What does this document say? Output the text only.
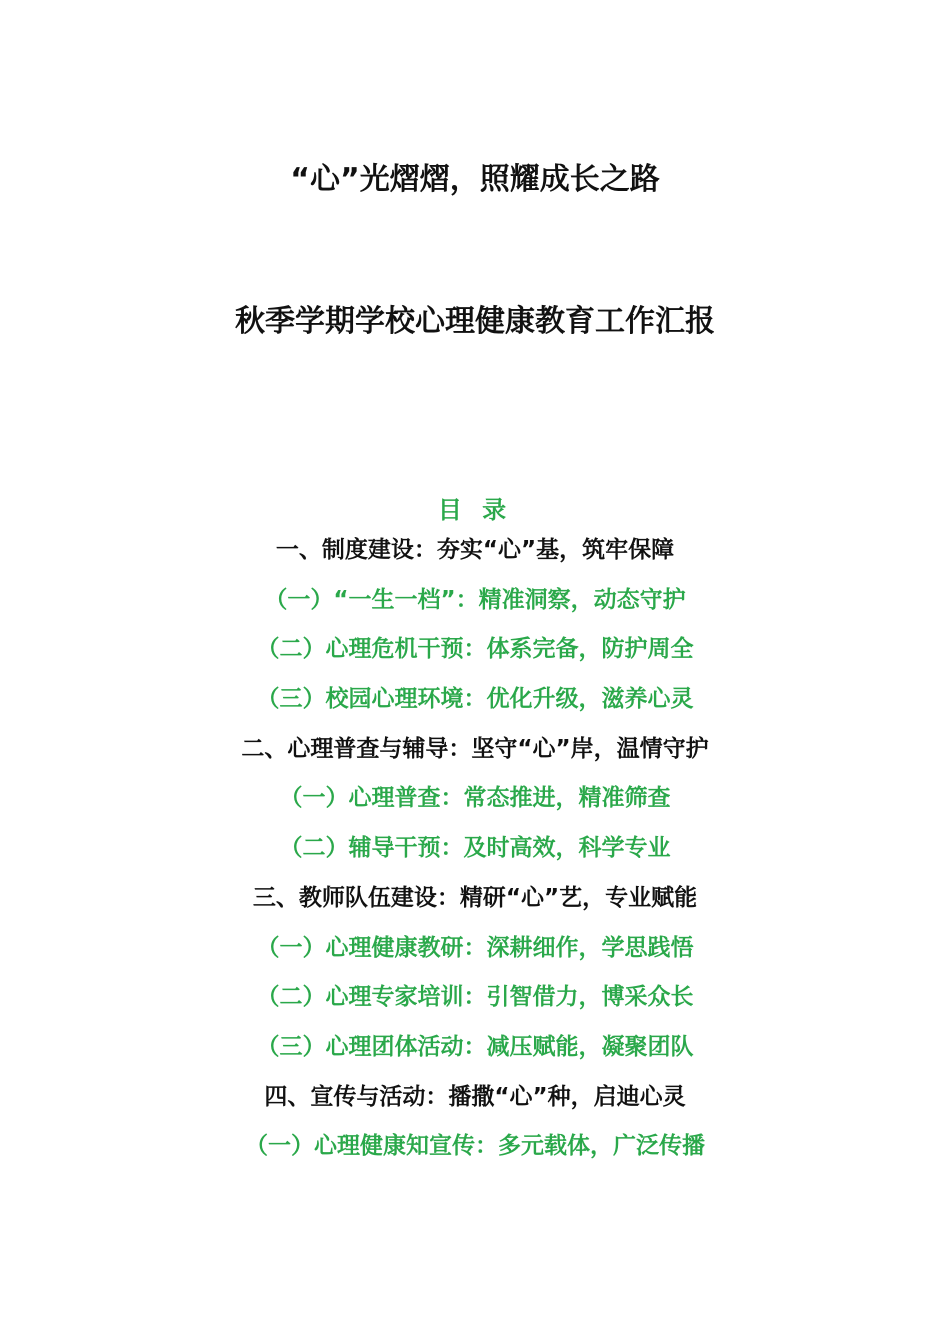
“心”光熠熠，照耀成长之路
秋季学期学校心理健康教育工作汇报
目 录
一、制度建设：夯实“心”基，筑牢保障
（一）“一生一档”：精准洞察，动态守护
（二）心理危机干预：体系完备，防护周全
（三）校园心理环境：优化升级，滋养心灵
二、心理普查与辅导：坚守“心”岸，温情守护
（一）心理普查：常态推进，精准筛查
（二）辅导干预：及时高效，科学专业
三、教师队伍建设：精研“心”艺，专业赋能
（一）心理健康教研：深耕细作，学思践悟
（二）心理专家培训：引智借力，博采众长
（三）心理团体活动：减压赋能，凝聚团队
四、宣传与活动：播撒“心”种，启迪心灵
（一）心理健康知宣传：多元载体，广泛传播
